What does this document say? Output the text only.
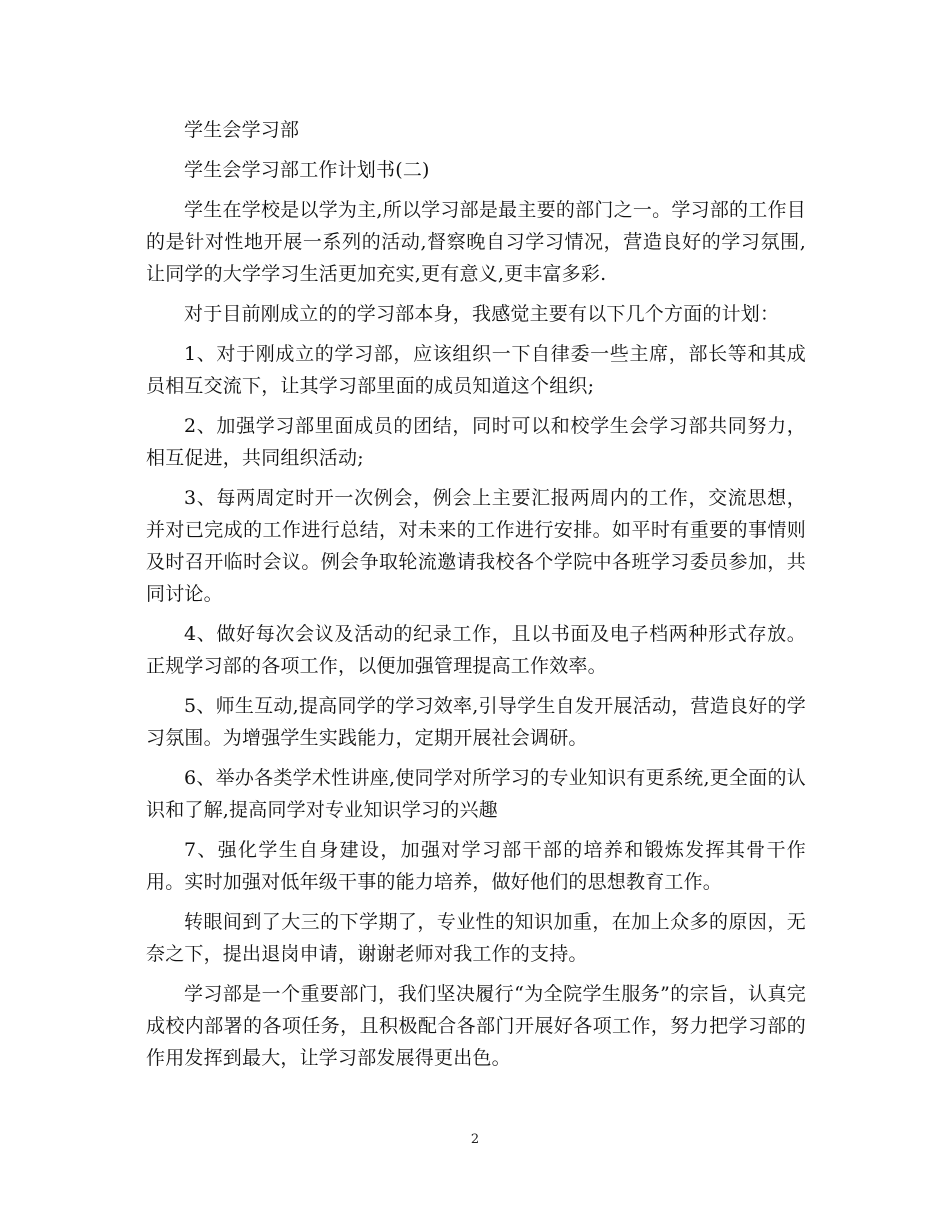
学生会学习部

学生会学习部工作计划书(二)

学生在学校是以学为主,所以学习部是最主要的部门之一。学习部的工作目的是针对性地开展一系列的活动,督察晚自习学习情况，营造良好的学习氛围,让同学的大学学习生活更加充实,更有意义,更丰富多彩.

对于目前刚成立的的学习部本身，我感觉主要有以下几个方面的计划：

1、对于刚成立的学习部，应该组织一下自律委一些主席，部长等和其成员相互交流下，让其学习部里面的成员知道这个组织;

2、加强学习部里面成员的团结，同时可以和校学生会学习部共同努力，相互促进，共同组织活动;

3、每两周定时开一次例会，例会上主要汇报两周内的工作，交流思想，并对已完成的工作进行总结，对未来的工作进行安排。如平时有重要的事情则及时召开临时会议。例会争取轮流邀请我校各个学院中各班学习委员参加，共同讨论。

4、做好每次会议及活动的纪录工作，且以书面及电子档两种形式存放。正规学习部的各项工作，以便加强管理提高工作效率。

5、师生互动,提高同学的学习效率,引导学生自发开展活动，营造良好的学习氛围。为增强学生实践能力，定期开展社会调研。

6、举办各类学术性讲座,使同学对所学习的专业知识有更系统,更全面的认识和了解,提高同学对专业知识学习的兴趣

7、强化学生自身建设，加强对学习部干部的培养和锻炼发挥其骨干作用。实时加强对低年级干事的能力培养，做好他们的思想教育工作。

转眼间到了大三的下学期了，专业性的知识加重，在加上众多的原因，无奈之下，提出退岗申请，谢谢老师对我工作的支持。

学习部是一个重要部门，我们坚决履行“为全院学生服务”的宗旨，认真完成校内部署的各项任务，且积极配合各部门开展好各项工作，努力把学习部的作用发挥到最大，让学习部发展得更出色。

2
